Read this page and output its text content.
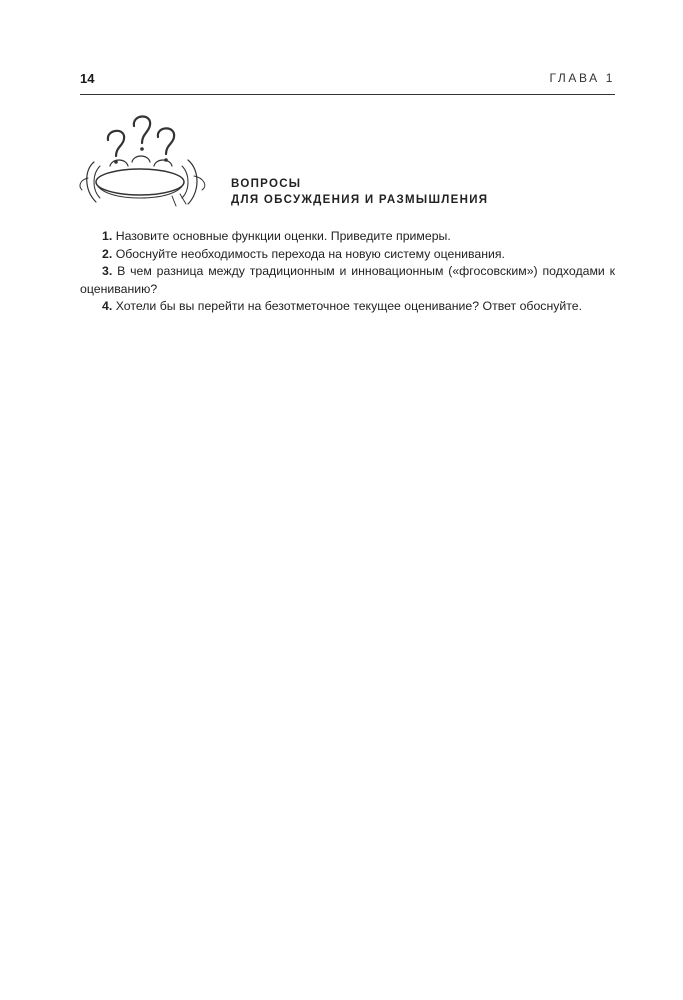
14	ГЛАВА 1
ВОПРОСЫ
ДЛЯ ОБСУЖДЕНИЯ И РАЗМЫШЛЕНИЯ

1. Назовите основные функции оценки. Приведите примеры.

2. Обоснуйте необходимость перехода на новую систему оценивания.

3. В чем разница между традиционным и инновационным («фгосовским») подходами к оцениванию?

4. Хотели бы вы перейти на безотметочное текущее оценивание? Ответ обоснуйте.
